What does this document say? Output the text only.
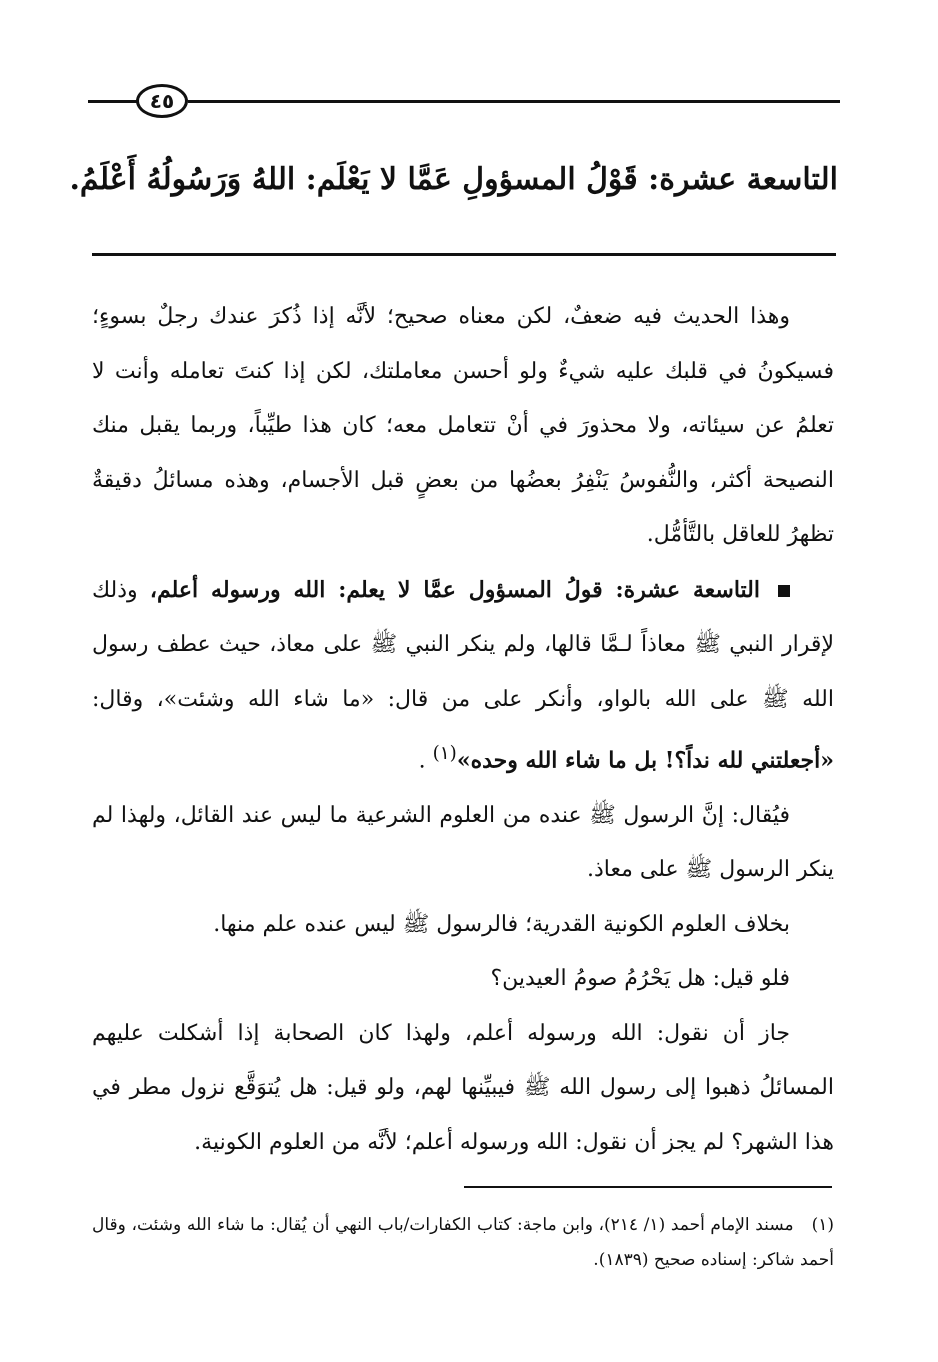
٤٥
التاسعة عشرة: قَوْلُ المسؤولِ عَمَّا لا يَعْلَم: اللهُ وَرَسُولُهُ أَعْلَمُ.

وهذا الحديث فيه ضعفٌ، لكن معناه صحيح؛ لأنَّه إذا ذُكرَ عندك رجلٌ بسوءٍ؛ فسيكونُ في قلبك عليه شيءٌ ولو أحسن معاملتك، لكن إذا كنتَ تعامله وأنت لا تعلمُ عن سيئاته، ولا محذورَ في أنْ تتعامل معه؛ كان هذا طيِّباً، وربما يقبل منك النصيحة أكثر، والنُّفوسُ يَنْفِرُ بعضُها من بعضٍ قبل الأجسام، وهذه مسائلُ دقيقةٌ تظهرُ للعاقل بالتَّأمُّل.

التاسعة عشرة: قولُ المسؤول عمَّا لا يعلم: الله ورسوله أعلم، وذلك لإقرار النبي ﷺ معاذاً لـمَّا قالها، ولم ينكر النبي ﷺ على معاذ، حيث عطف رسول الله ﷺ على الله بالواو، وأنكر على من قال: «ما شاء الله وشئت»، وقال: «أجعلتني لله نداً؟! بل ما شاء الله وحده»$^{(١)}$ .

فيُقال: إنَّ الرسول ﷺ عنده من العلوم الشرعية ما ليس عند القائل، ولهذا لم ينكر الرسول ﷺ على معاذ.

بخلاف العلوم الكونية القدرية؛ فالرسول ﷺ ليس عنده علم منها.

فلو قيل: هل يَحْرُمُ صومُ العيدين؟

جاز أن نقول: الله ورسوله أعلم، ولهذا كان الصحابة إذا أشكلت عليهم المسائلُ ذهبوا إلى رسول الله ﷺ فيبيِّنها لهم، ولو قيل: هل يُتوَقَّع نزول مطر في هذا الشهر؟ لم يجز أن نقول: الله ورسوله أعلم؛ لأنَّه من العلوم الكونية.

(١)مسند الإمام أحمد (١/ ٢١٤)، وابن ماجة: كتاب الكفارات/باب النهي أن يُقال: ما شاء الله وشئت، وقال أحمد شاكر: إسناده صحيح (١٨٣٩).
